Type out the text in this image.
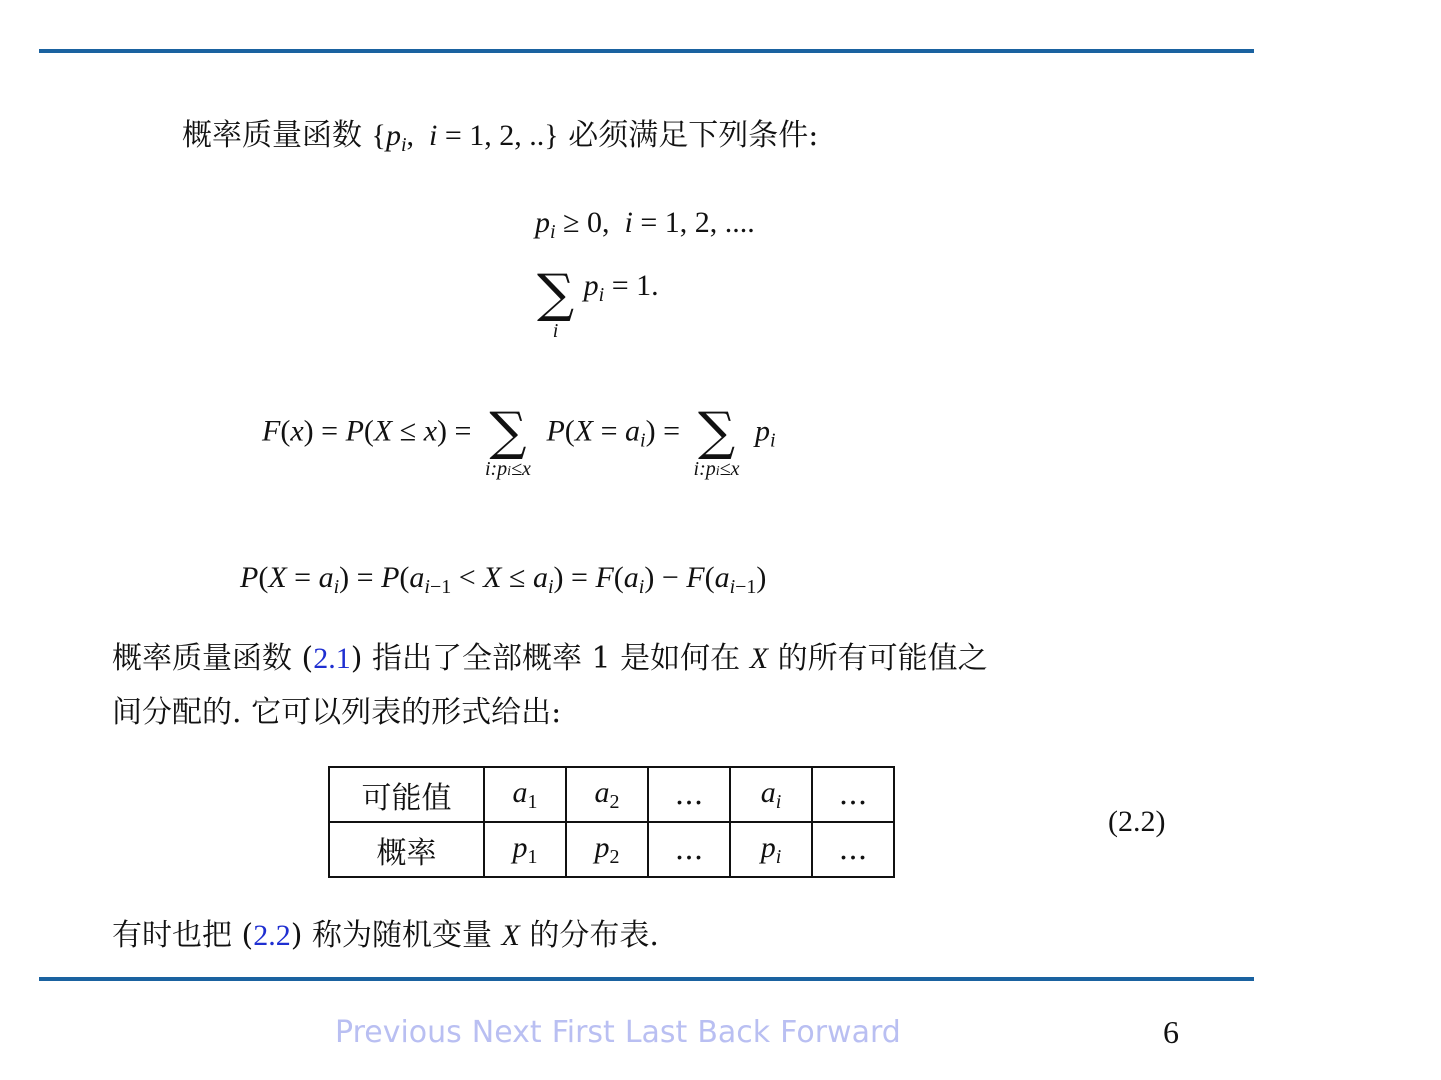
概率质量函数 {$p_i$,  i = 1, 2, ..} 必须满足下列条件:
$p_i \ge 0$,  i = 1, 2, ....
∑
i
$p^i = 1$.
F(x) = P(X ≤ x) = ∑
i:pi≤x
$P(X = a_i)$ = ∑
i:pi≤x
$p_i$
$P(X = a_i) = P(a_{i-1} < X \le a_i) = F(a_i) - F(a_{i-1})$
概率质量函数 (2.1) 指出了全部概率 1 是如何在 X 的所有可能值之
间分配的. 它可以列表的形式给出:
可能值	$a_1$	$a_2$	...	$a_i$	...
概率	$p_1$	$p_2$	...	$p_i$	...
(2.2)
有时也把 (2.2) 称为随机变量 X 的分布表.
Previous Next First Last Back Forward	6
